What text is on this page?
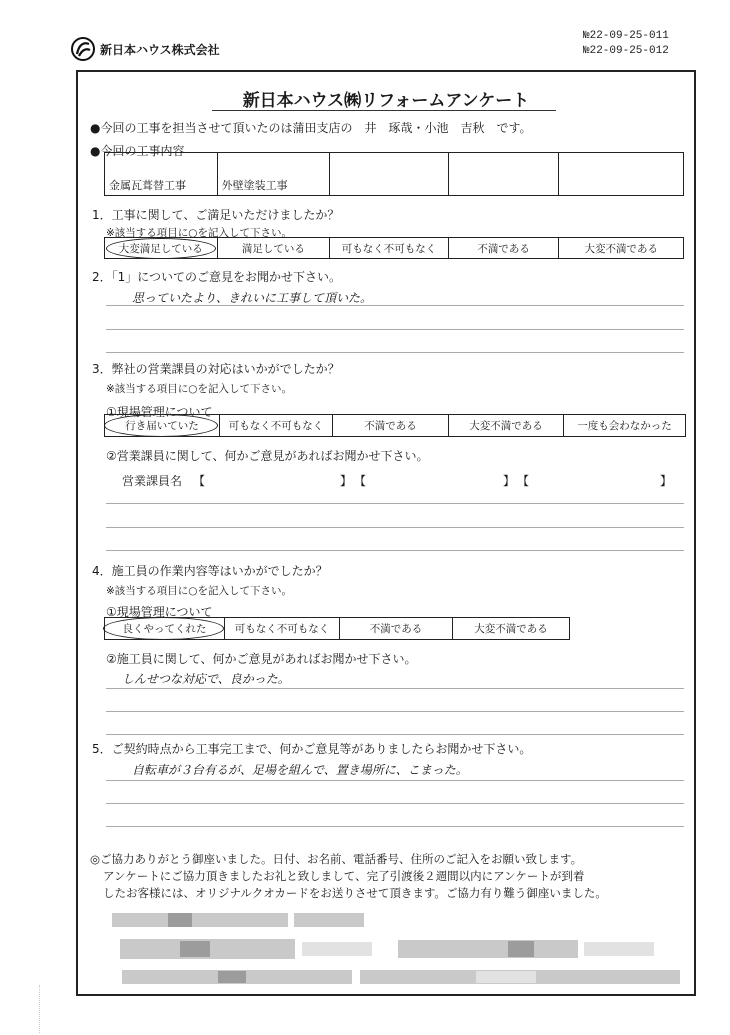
№22-09-25-011
№22-09-25-012
新日本ハウス株式会社
新日本ハウス㈱リフォームアンケート
●今回の工事を担当させて頂いたのは蒲田支店の　井　琢哉・小池　吉秋　です。
●今回の工事内容
金属瓦葺替工事	外壁塗装工事
1．工事に関して、ご満足いただけましたか？
※該当する項目に○を記入して下さい。
大変満足している	満足している	可もなく不可もなく	不満である	大変不満である
2．「1」についてのご意見をお聞かせ下さい。
思っていたより、きれいに工事して頂いた。
3．弊社の営業課員の対応はいかがでしたか？
※該当する項目に○を記入して下さい。
①現場管理について
行き届いていた	可もなく不可もなく	不満である	大変不満である	一度も会わなかった
②営業課員に関して、何かご意見があればお聞かせ下さい。
営業課員名 【	】 【	】 【	】
4．施工員の作業内容等はいかがでしたか？
※該当する項目に○を記入して下さい。
①現場管理について
良くやってくれた	可もなく不可もなく	不満である	大変不満である
②施工員に関して、何かご意見があればお聞かせ下さい。
しんせつな対応で、良かった。
5．ご契約時点から工事完工まで、何かご意見等がありましたらお聞かせ下さい。
自転車が３台有るが、足場を組んで、置き場所に、こまった。
◎ご協力ありがとう御座いました。日付、お名前、電話番号、住所のご記入をお願い致します。
アンケートにご協力頂きましたお礼と致しまして、完了引渡後２週間以内にアンケートが到着
したお客様には、オリジナルクオカードをお送りさせて頂きます。ご協力有り難う御座いました。
